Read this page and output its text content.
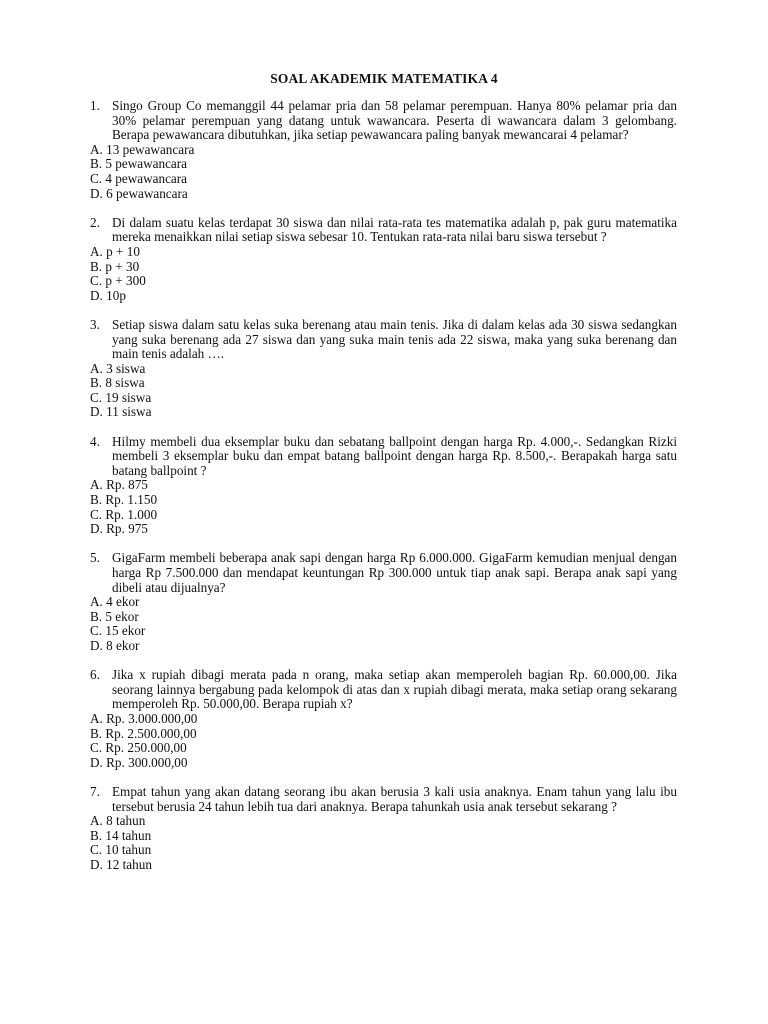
SOAL AKADEMIK MATEMATIKA 4
1. Singo Group Co memanggil 44 pelamar pria dan 58 pelamar perempuan. Hanya 80% pelamar pria dan 30% pelamar perempuan yang datang untuk wawancara. Peserta di wawancara dalam 3 gelombang. Berapa pewawancara dibutuhkan, jika setiap pewawancara paling banyak mewancarai 4 pelamar?
A. 13 pewawancara
B. 5 pewawancara
C. 4 pewawancara
D. 6 pewawancara
2. Di dalam suatu kelas terdapat 30 siswa dan nilai rata-rata tes matematika adalah p, pak guru matematika mereka menaikkan nilai setiap siswa sebesar 10. Tentukan rata-rata nilai baru siswa tersebut ?
A. p + 10
B. p + 30
C. p + 300
D. 10p
3. Setiap siswa dalam satu kelas suka berenang atau main tenis. Jika di dalam kelas ada 30 siswa sedangkan yang suka berenang ada 27 siswa dan yang suka main tenis ada 22 siswa, maka yang suka berenang dan main tenis adalah ….
A. 3 siswa
B. 8 siswa
C. 19 siswa
D. 11 siswa
4. Hilmy membeli dua eksemplar buku dan sebatang ballpoint dengan harga Rp. 4.000,-. Sedangkan Rizki membeli 3 eksemplar buku dan empat batang ballpoint dengan harga Rp. 8.500,-. Berapakah harga satu batang ballpoint ?
A. Rp. 875
B. Rp. 1.150
C. Rp. 1.000
D. Rp. 975
5. GigaFarm membeli beberapa anak sapi dengan harga Rp 6.000.000. GigaFarm kemudian menjual dengan harga Rp 7.500.000 dan mendapat keuntungan Rp 300.000 untuk tiap anak sapi. Berapa anak sapi yang dibeli atau dijualnya?
A. 4 ekor
B. 5 ekor
C. 15 ekor
D. 8 ekor
6. Jika x rupiah dibagi merata pada n orang, maka setiap akan memperoleh bagian Rp. 60.000,00. Jika seorang lainnya bergabung pada kelompok di atas dan x rupiah dibagi merata, maka setiap orang sekarang memperoleh Rp. 50.000,00. Berapa rupiah x?
A. Rp. 3.000.000,00
B. Rp. 2.500.000,00
C. Rp. 250.000,00
D. Rp. 300.000,00
7. Empat tahun yang akan datang seorang ibu akan berusia 3 kali usia anaknya. Enam tahun yang lalu ibu tersebut berusia 24 tahun lebih tua dari anaknya. Berapa tahunkah usia anak tersebut sekarang ?
A. 8 tahun
B. 14 tahun
C. 10 tahun
D. 12 tahun
